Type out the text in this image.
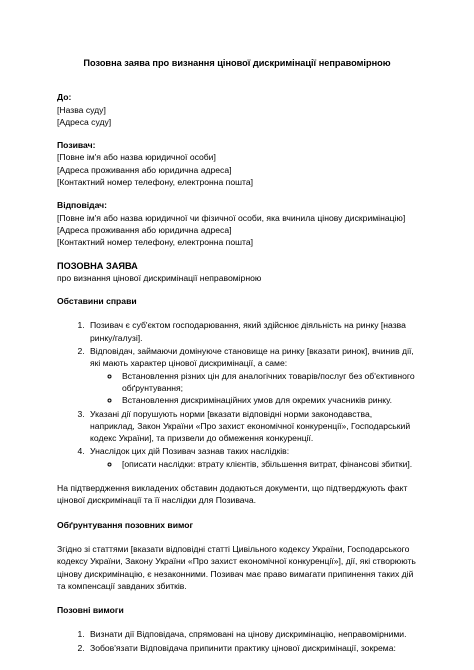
Позовна заява про визнання цінової дискримінації неправомірною
До:
[Назва суду]
[Адреса суду]
Позивач:
[Повне ім'я або назва юридичної особи]
[Адреса проживання або юридична адреса]
[Контактний номер телефону, електронна пошта]
Відповідач:
[Повне ім'я або назва юридичної чи фізичної особи, яка вчинила цінову дискримінацію]
[Адреса проживання або юридична адреса]
[Контактний номер телефону, електронна пошта]
ПОЗОВНА ЗАЯВА
про визнання цінової дискримінації неправомірною
Обставини справи
1. Позивач є суб'єктом господарювання, який здійснює діяльність на ринку [назва ринку/галузі].
2. Відповідач, займаючи домінуюче становище на ринку [вказати ринок], вчинив дії, які мають характер цінової дискримінації, а саме:
◦ Встановлення різних цін для аналогічних товарів/послуг без об'єктивного обґрунтування;
◦ Встановлення дискримінаційних умов для окремих учасників ринку.
3. Указані дії порушують норми [вказати відповідні норми законодавства, наприклад, Закон України «Про захист економічної конкуренції», Господарський кодекс України], та призвели до обмеження конкуренції.
4. Унаслідок цих дій Позивач зазнав таких наслідків:
◦ [описати наслідки: втрату клієнтів, збільшення витрат, фінансові збитки].

На підтвердження викладених обставин додаються документи, що підтверджують факт цінової дискримінації та її наслідки для Позивача.

Обґрунтування позовних вимог

Згідно зі статтями [вказати відповідні статті Цивільного кодексу України, Господарського кодексу України, Закону України «Про захист економічної конкуренції»], дії, які створюють цінову дискримінацію, є незаконними. Позивач має право вимагати припинення таких дій та компенсації завданих збитків.

Позовні вимоги
1. Визнати дії Відповідача, спрямовані на цінову дискримінацію, неправомірними.
2. Зобов'язати Відповідача припинити практику цінової дискримінації, зокрема:
